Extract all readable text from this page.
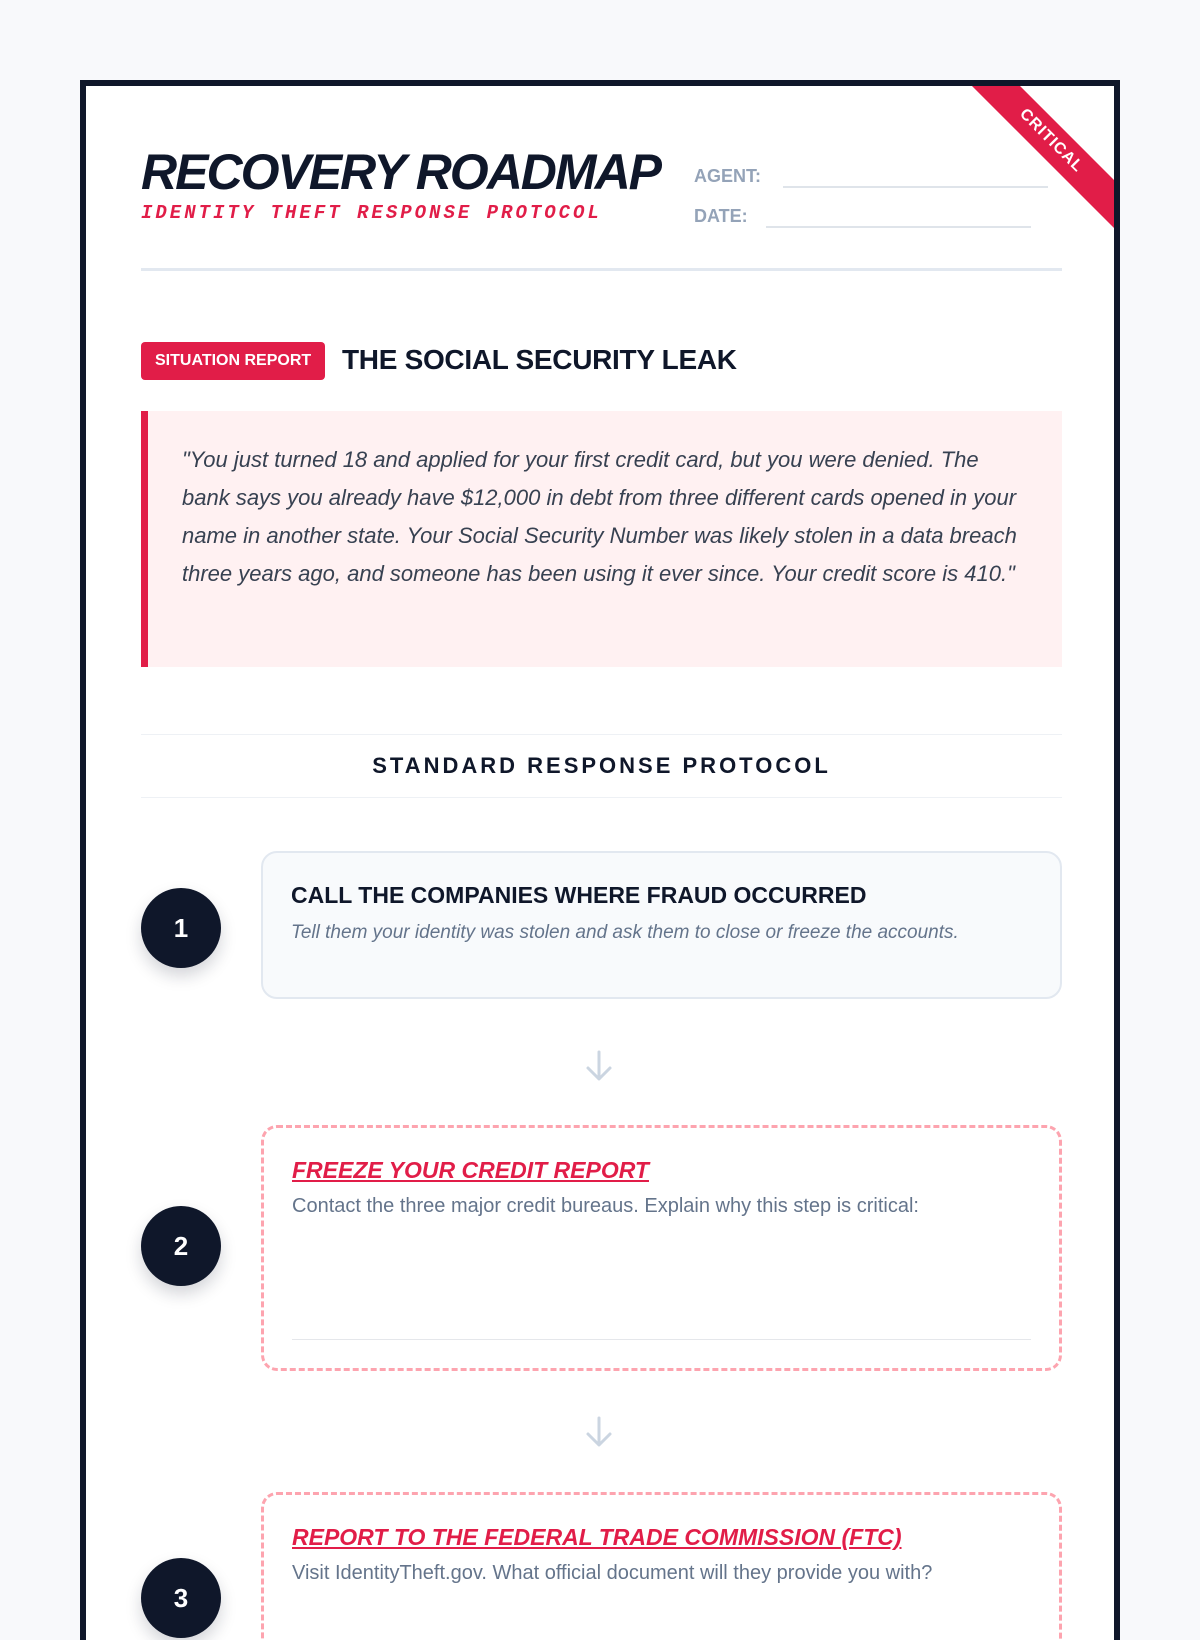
CRITICAL
RECOVERY ROADMAP
IDENTITY THEFT RESPONSE PROTOCOL
AGENT:
DATE:
SITUATION REPORT	THE SOCIAL SECURITY LEAK
"You just turned 18 and applied for your first credit card, but you were denied. The bank says you already have $12,000 in debt from three different cards opened in your name in another state. Your Social Security Number was likely stolen in a data breach three years ago, and someone has been using it ever since. Your credit score is 410."
STANDARD RESPONSE PROTOCOL
1
CALL THE COMPANIES WHERE FRAUD OCCURRED
Tell them your identity was stolen and ask them to close or freeze the accounts.
2
FREEZE YOUR CREDIT REPORT
Contact the three major credit bureaus. Explain why this step is critical:
3
REPORT TO THE FEDERAL TRADE COMMISSION (FTC)
Visit IdentityTheft.gov. What official document will they provide you with?
